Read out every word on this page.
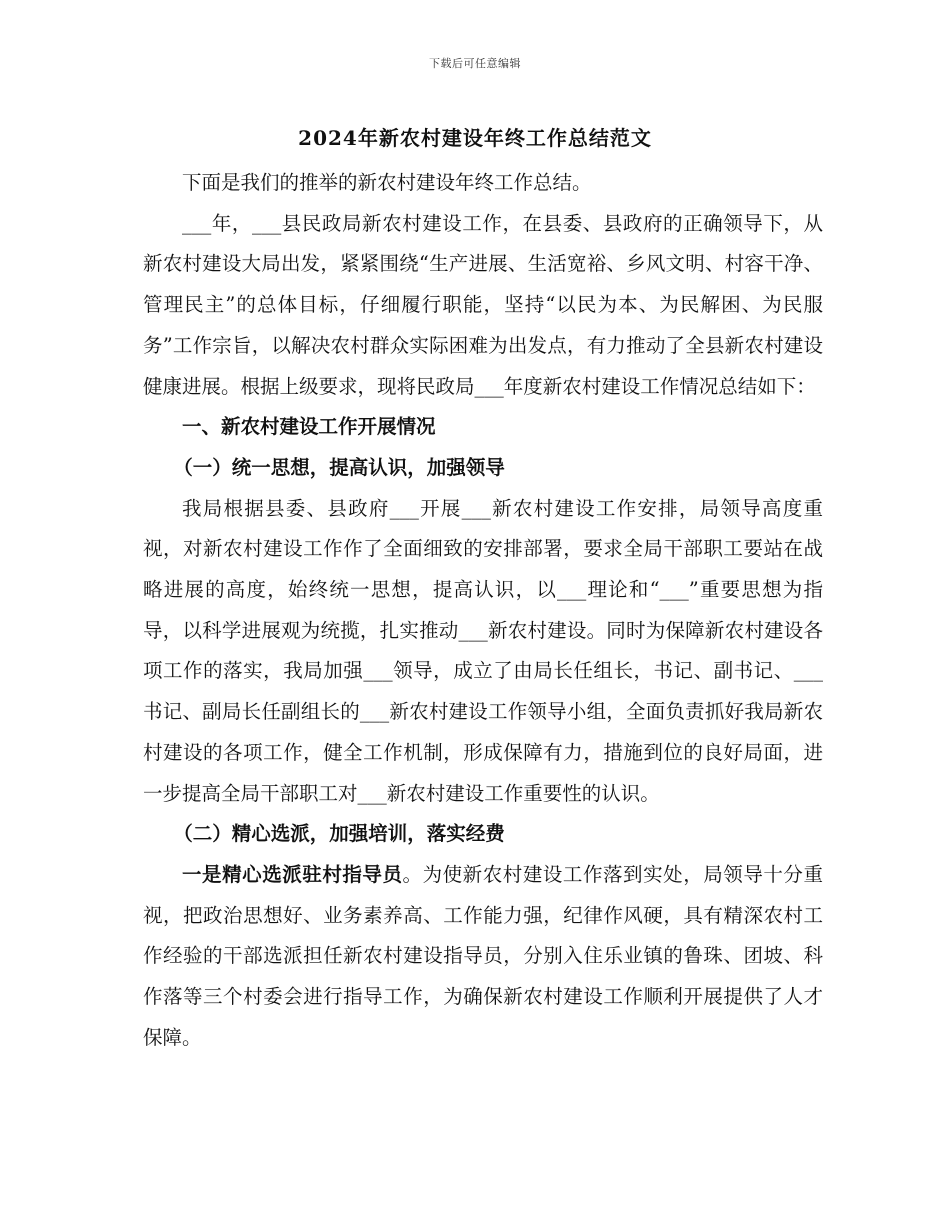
下载后可任意编辑
2024年新农村建设年终工作总结范文

下面是我们的推举的新农村建设年终工作总结。

___年，___县民政局新农村建设工作，在县委、县政府的正确领导下，从新农村建设大局出发，紧紧围绕“生产进展、生活宽裕、乡风文明、村容干净、管理民主”的总体目标，仔细履行职能，坚持“以民为本、为民解困、为民服务”工作宗旨，以解决农村群众实际困难为出发点，有力推动了全县新农村建设健康进展。根据上级要求，现将民政局___年度新农村建设工作情况总结如下：

一、新农村建设工作开展情况

（一）统一思想，提高认识，加强领导

我局根据县委、县政府___开展___新农村建设工作安排，局领导高度重视，对新农村建设工作作了全面细致的安排部署，要求全局干部职工要站在战略进展的高度，始终统一思想，提高认识，以___理论和“___”重要思想为指导，以科学进展观为统揽，扎实推动___新农村建设。同时为保障新农村建设各项工作的落实，我局加强___领导，成立了由局长任组长，书记、副书记、___书记、副局长任副组长的___新农村建设工作领导小组，全面负责抓好我局新农村建设的各项工作，健全工作机制，形成保障有力，措施到位的良好局面，进一步提高全局干部职工对___新农村建设工作重要性的认识。

（二）精心选派，加强培训，落实经费

一是精心选派驻村指导员。为使新农村建设工作落到实处，局领导十分重视，把政治思想好、业务素养高、工作能力强，纪律作风硬，具有精深农村工作经验的干部选派担任新农村建设指导员，分别入住乐业镇的鲁珠、团坡、科作落等三个村委会进行指导工作，为确保新农村建设工作顺利开展提供了人才保障。
